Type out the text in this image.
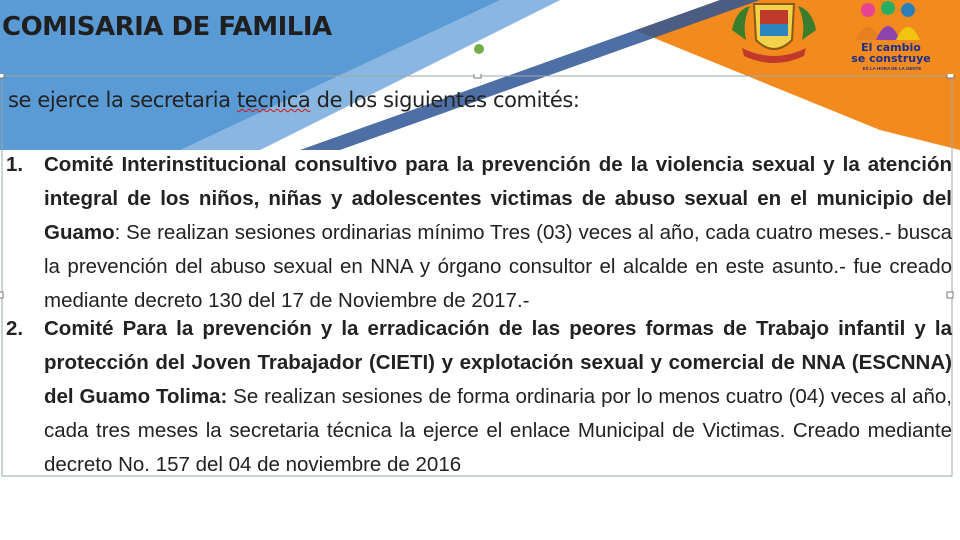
COMISARIA DE FAMILIA
El cambio
se construye
ES LA HORA DE LA GENTE

se ejerce la secretaria tecnica de los siguientes comités:

1. Comité Interinstitucional consultivo para la prevención de la violencia sexual y la atención integral de los niños, niñas y adolescentes victimas de abuso sexual en el municipio del Guamo: Se realizan sesiones ordinarias mínimo Tres (03) veces al año, cada cuatro meses.- busca la prevención del abuso sexual en NNA y órgano consultor el alcalde en este asunto.- fue creado mediante decreto 130 del 17 de Noviembre de 2017.-
2. Comité Para la prevención y la erradicación de las peores formas de Trabajo infantil y la protección del Joven Trabajador (CIETI) y explotación sexual y comercial de NNA (ESCNNA) del Guamo Tolima: Se realizan sesiones de forma ordinaria por lo menos cuatro (04) veces al año, cada tres meses la secretaria técnica la ejerce el enlace Municipal de Victimas. Creado mediante decreto No. 157 del 04 de noviembre de 2016
